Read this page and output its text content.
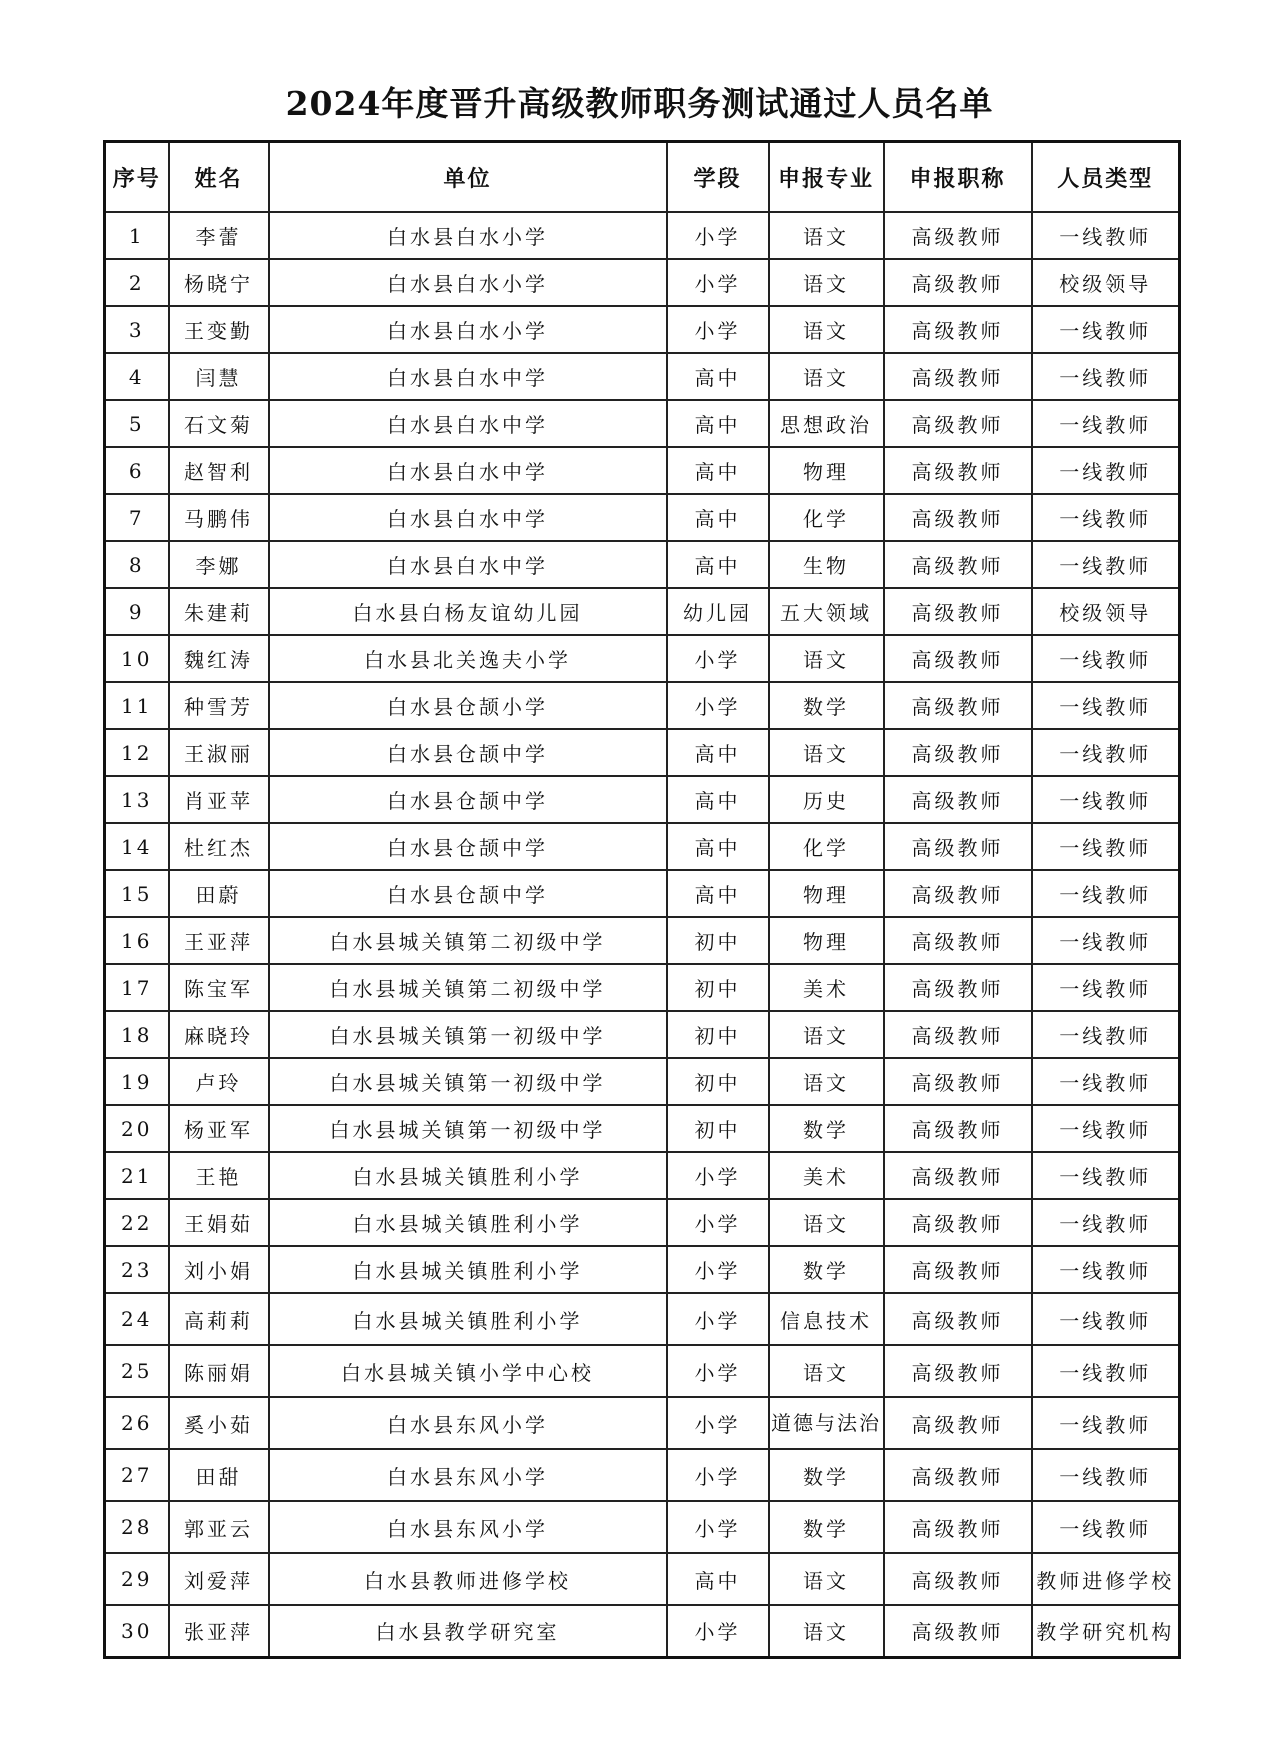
2024年度晋升高级教师职务测试通过人员名单
序号	姓名	单位	学段	申报专业	申报职称	人员类型
1	李蕾	白水县白水小学	小学	语文	高级教师	一线教师
2	杨晓宁	白水县白水小学	小学	语文	高级教师	校级领导
3	王变勤	白水县白水小学	小学	语文	高级教师	一线教师
4	闫慧	白水县白水中学	高中	语文	高级教师	一线教师
5	石文菊	白水县白水中学	高中	思想政治	高级教师	一线教师
6	赵智利	白水县白水中学	高中	物理	高级教师	一线教师
7	马鹏伟	白水县白水中学	高中	化学	高级教师	一线教师
8	李娜	白水县白水中学	高中	生物	高级教师	一线教师
9	朱建莉	白水县白杨友谊幼儿园	幼儿园	五大领域	高级教师	校级领导
10	魏红涛	白水县北关逸夫小学	小学	语文	高级教师	一线教师
11	种雪芳	白水县仓颉小学	小学	数学	高级教师	一线教师
12	王淑丽	白水县仓颉中学	高中	语文	高级教师	一线教师
13	肖亚苹	白水县仓颉中学	高中	历史	高级教师	一线教师
14	杜红杰	白水县仓颉中学	高中	化学	高级教师	一线教师
15	田蔚	白水县仓颉中学	高中	物理	高级教师	一线教师
16	王亚萍	白水县城关镇第二初级中学	初中	物理	高级教师	一线教师
17	陈宝军	白水县城关镇第二初级中学	初中	美术	高级教师	一线教师
18	麻晓玲	白水县城关镇第一初级中学	初中	语文	高级教师	一线教师
19	卢玲	白水县城关镇第一初级中学	初中	语文	高级教师	一线教师
20	杨亚军	白水县城关镇第一初级中学	初中	数学	高级教师	一线教师
21	王艳	白水县城关镇胜利小学	小学	美术	高级教师	一线教师
22	王娟茹	白水县城关镇胜利小学	小学	语文	高级教师	一线教师
23	刘小娟	白水县城关镇胜利小学	小学	数学	高级教师	一线教师
24	高莉莉	白水县城关镇胜利小学	小学	信息技术	高级教师	一线教师
25	陈丽娟	白水县城关镇小学中心校	小学	语文	高级教师	一线教师
26	奚小茹	白水县东风小学	小学	道德与法治	高级教师	一线教师
27	田甜	白水县东风小学	小学	数学	高级教师	一线教师
28	郭亚云	白水县东风小学	小学	数学	高级教师	一线教师
29	刘爱萍	白水县教师进修学校	高中	语文	高级教师	教师进修学校
30	张亚萍	白水县教学研究室	小学	语文	高级教师	教学研究机构
